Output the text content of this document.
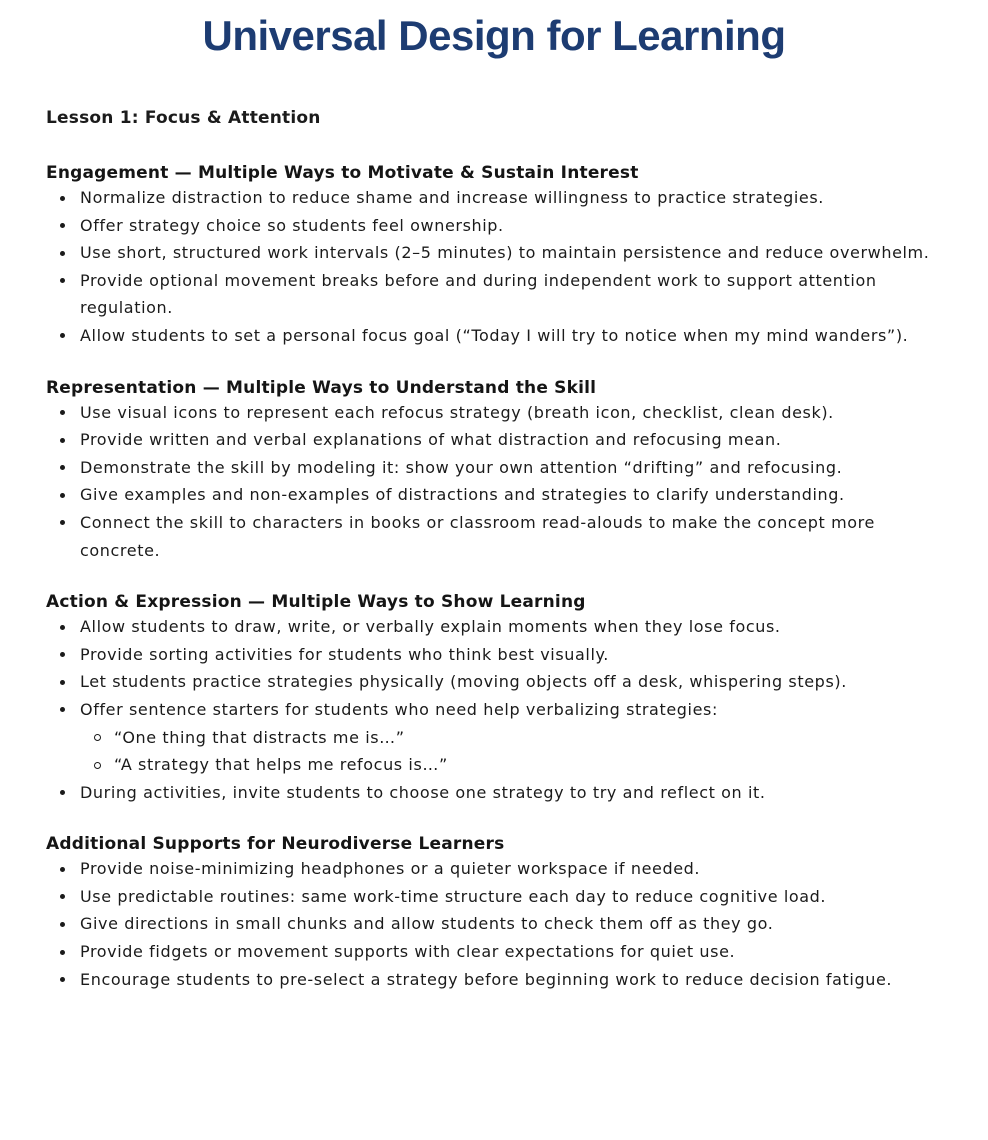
Universal Design for Learning

Lesson 1: Focus & Attention

Engagement — Multiple Ways to Motivate & Sustain Interest
Normalize distraction to reduce shame and increase willingness to practice strategies.
Offer strategy choice so students feel ownership.
Use short, structured work intervals (2–5 minutes) to maintain persistence and reduce overwhelm.
Provide optional movement breaks before and during independent work to support attention regulation.
Allow students to set a personal focus goal (“Today I will try to notice when my mind wanders”).
Representation — Multiple Ways to Understand the Skill
Use visual icons to represent each refocus strategy (breath icon, checklist, clean desk).
Provide written and verbal explanations of what distraction and refocusing mean.
Demonstrate the skill by modeling it: show your own attention “drifting” and refocusing.
Give examples and non-examples of distractions and strategies to clarify understanding.
Connect the skill to characters in books or classroom read-alouds to make the concept more concrete.
Action & Expression — Multiple Ways to Show Learning
Allow students to draw, write, or verbally explain moments when they lose focus.
Provide sorting activities for students who think best visually.
Let students practice strategies physically (moving objects off a desk, whispering steps).
Offer sentence starters for students who need help verbalizing strategies:
“One thing that distracts me is…”
“A strategy that helps me refocus is…”
During activities, invite students to choose one strategy to try and reflect on it.
Additional Supports for Neurodiverse Learners
Provide noise-minimizing headphones or a quieter workspace if needed.
Use predictable routines: same work-time structure each day to reduce cognitive load.
Give directions in small chunks and allow students to check them off as they go.
Provide fidgets or movement supports with clear expectations for quiet use.
Encourage students to pre-select a strategy before beginning work to reduce decision fatigue.
